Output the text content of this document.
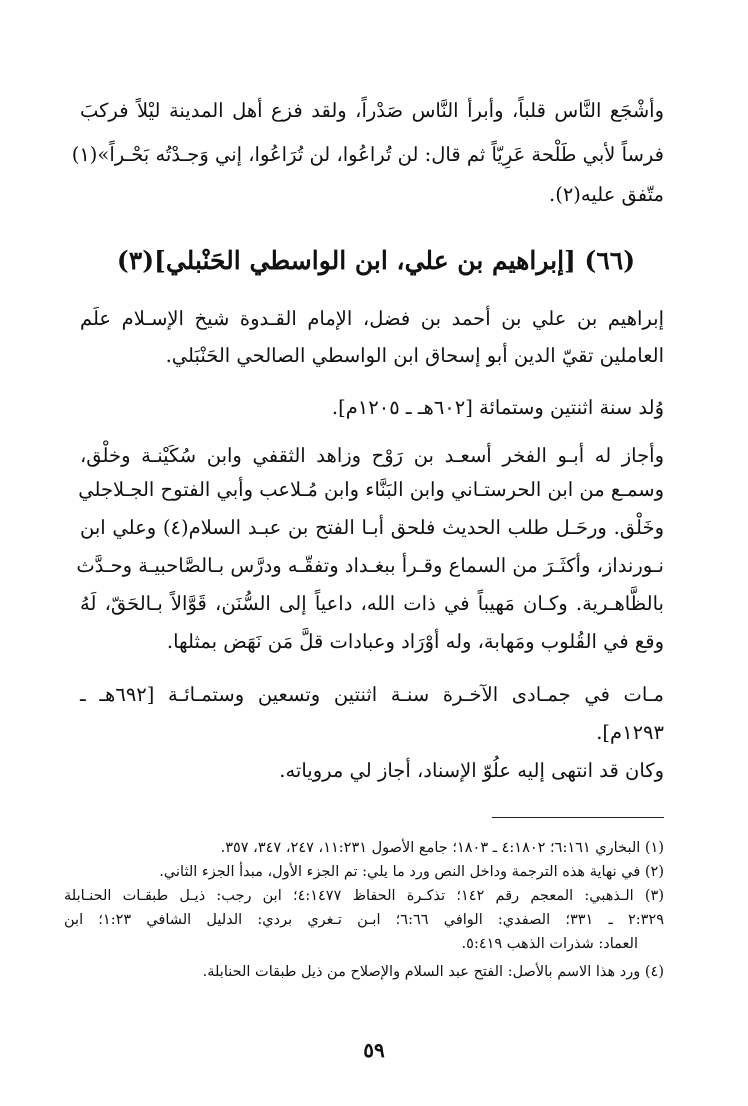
وأشْجَع النَّاس قلباً، وأبرأ النَّاس صَدْراً، ولقد فزع أهل المدينة ليْلاً فركبَ
فرساً لأبي طَلْحة عَرِيّاً ثم قال: لن تُراعُوا، لن تُرَاعُوا، إني وَجـدْتُه بَحْـراً»(١)
متّفق عليه(٢).
(٦٦) [إبراهيم بن علي، ابن الواسطي الحَنْبلي](٣)
إبراهيم بن علي بن أحمد بن فضل، الإمام القـدوة شيخ الإسـلام علَم
العاملين تقيّ الدين أبو إسحاق ابن الواسطي الصالحي الحَنْبَلي.
وُلد سنة اثنتين وستمائة [٦٠٢هـ ـ ١٢٠٥م].
وأجاز له أبـو الفخر أسعـد بن رَوْح وزاهد الثقفي وابن سُكَيْنـة وخلْق،
وسمـع من ابن الحرستـاني وابن البَنَّاء وابن مُـلاعب وأبي الفتوح الجـلاجلي
وخَلْق. ورحَـل طلب الحديث فلحق أبـا الفتح بن عبـد السلام(٤) وعلي ابن
نـورنداز، وأكثَـرَ من السماع وقـرأ ببغـداد وتفقّـه ودرَّس بـالصَّاحبيـة وحـدَّث
بالظَّاهـرية. وكـان مَهيباً في ذات الله، داعياً إلى السُّنَن، قَوَّالاً بـالحَقّ، لَهُ
وقع في القُلوب ومَهابة، وله أوْرَاد وعبادات قلَّ مَن نَهَض بمثلها.
مـات في جمـادى الآخـرة سنـة اثنتين وتسعين وستمـائـة [٦٩٢هـ ـ
١٢٩٣م].
وكان قد انتهى إليه علُوّ الإسناد، أجاز لي مروياته.
(١) البخاري ٦:١٦١؛ ٤:١٨٠٢ ـ ١٨٠٣؛ جامع الأصول ١١:٢٣١، ٢٤٧، ٣٤٧، ٣٥٧.
(٢) في نهاية هذه الترجمة وداخل النص ورد ما يلي: تم الجزء الأول، مبدأ الجزء الثاني.
(٣) الـذهبي: المعجم رقم ١٤٢؛ تذكـرة الحفاظ ٤:١٤٧٧؛ ابن رجب: ذيـل طبقـات الحنـابلة
٢:٣٢٩ ـ ٣٣١؛ الصفدي: الوافي ٦:٦٦؛ ابـن تـغري بردي: الدليل الشافي ١:٢٣؛ ابن
العماد: شذرات الذهب ٥:٤١٩.
(٤) ورد هذا الاسم بالأصل: الفتح عبد السلام والإصلاح من ذيل طبقات الحنابلة.
٥٩
